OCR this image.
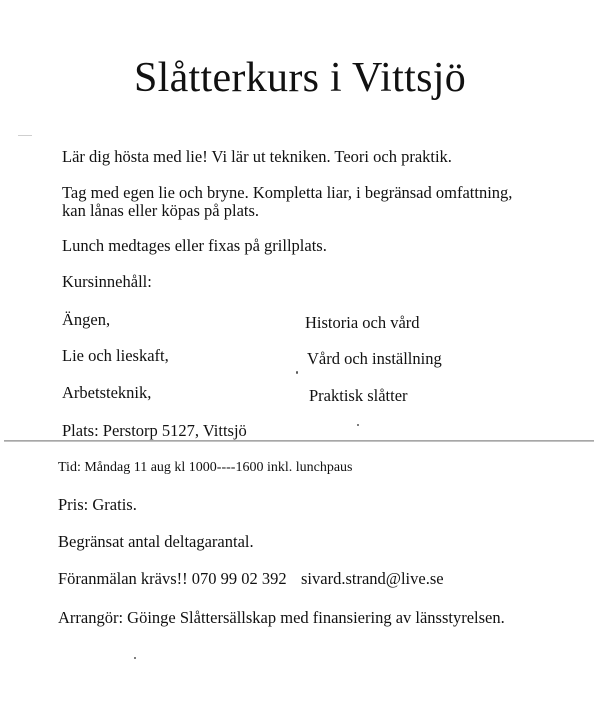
Slåtterkurs i Vittsjö
Lär dig hösta med lie! Vi lär ut tekniken. Teori och praktik.
Tag med egen lie och bryne. Kompletta liar, i begränsad omfattning,
kan lånas eller köpas på plats.
Lunch medtages eller fixas på grillplats.
Kursinnehåll:
Ängen,	Historia och vård
Lie och lieskaft,	Vård och inställning
Arbetsteknik,	Praktisk slåtter
Plats: Perstorp 5127, Vittsjö
Tid: Måndag 11 aug kl 1000----1600 inkl. lunchpaus
Pris: Gratis.
Begränsat antal deltagarantal.
Föranmälan krävs!! 070 99 02 392 sivard.strand@live.se
Arrangör: Göinge Slåttersällskap med finansiering av länsstyrelsen.
